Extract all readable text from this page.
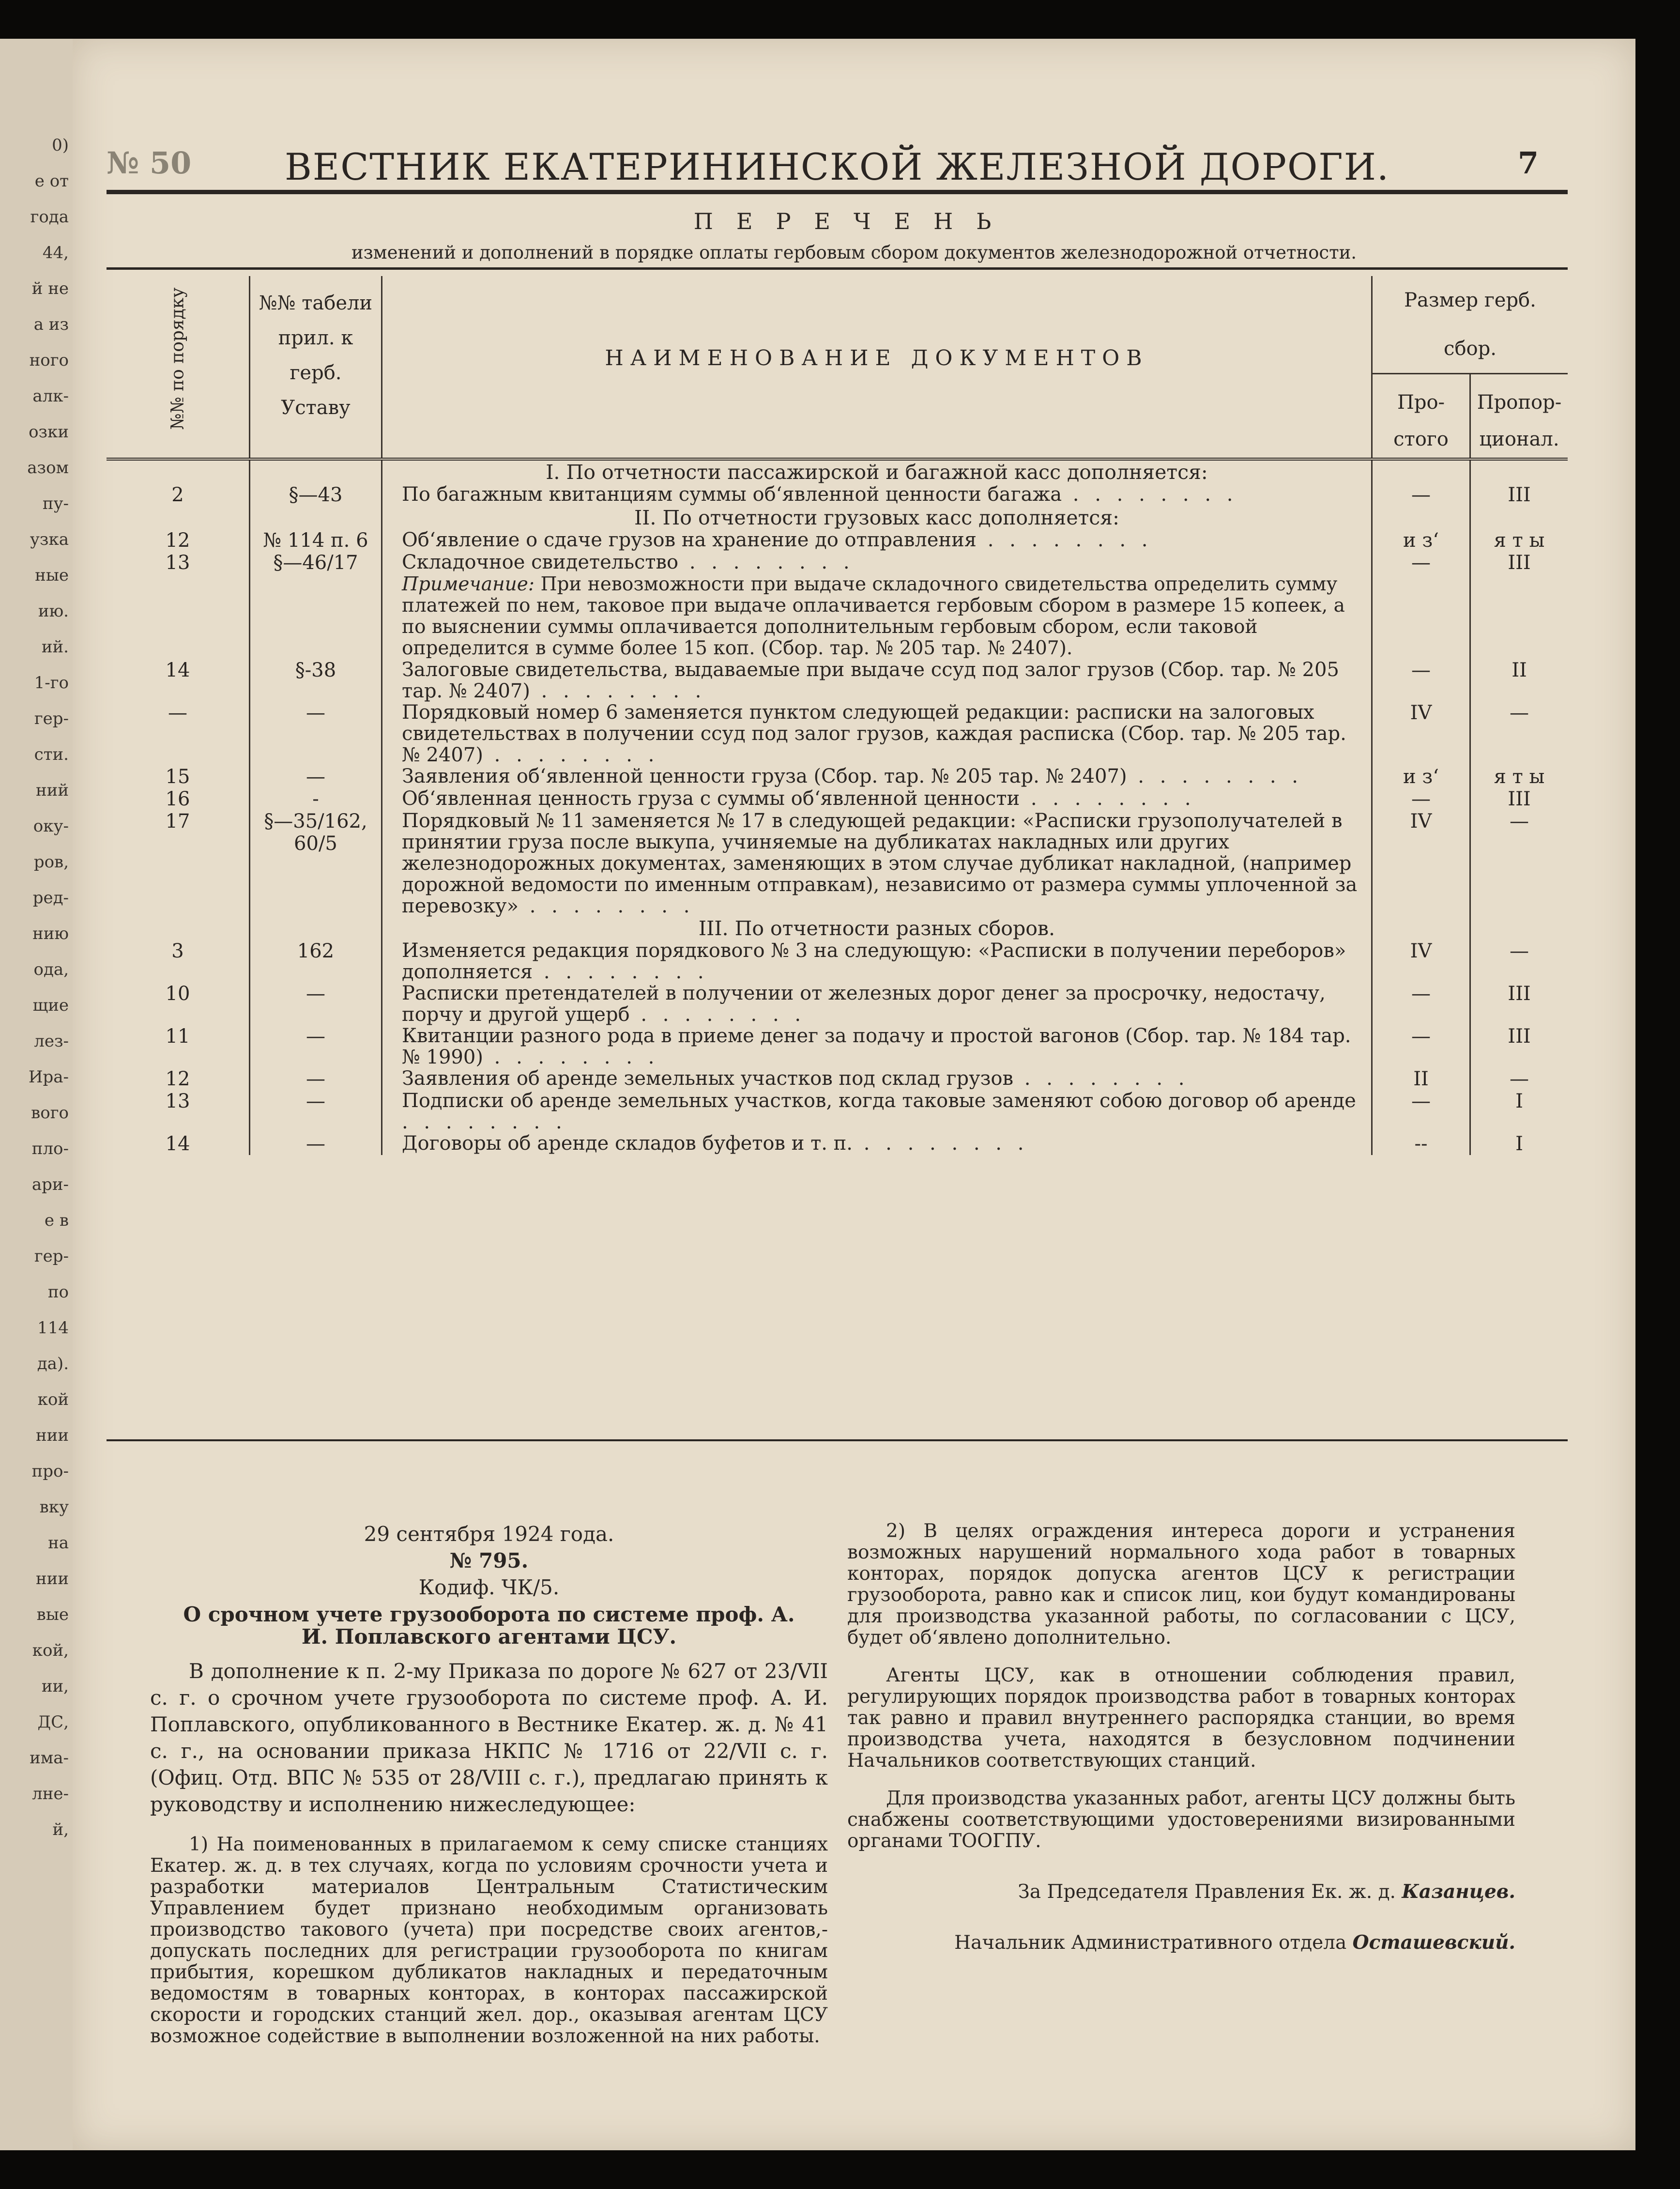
0)
е от
года
44,
й не
а из
ного
алк-
озки
азом
пу-
узка
ные
ию.
ий.
1-го
гер-
сти.
ний
оку-
ров,
ред-
нию
ода,
щие
лез-
Ира-
вого
пло-
ари-
е в
гер-
по
114
да).
кой
нии
про-
вку
на
нии
вые
кой,
ии,
ДС,
има-
лне-
й,
№ 50	ВЕСТНИК ЕКАТЕРИНИНСКОЙ ЖЕЛЕЗНОЙ ДОРОГИ.	7
ПЕРЕЧЕНЬ
изменений и дополнений в порядке оплаты гербовым сбором документов железнодорожной отчетности.
№№ по порядку	№№ табели прил. к герб. Уставу	НАИМЕНОВАНИЕ ДОКУМЕНТОВ	Размер герб. сбор.	
			Про- стого	Пропор- ционал.
		I. По отчетности пассажирской и багажной касс дополняется:		
2	§—43	По багажным квитанциям суммы об‘явленной ценности багажа . . . . . . . .	—	III
		II. По отчетности грузовых касс дополняется:		
12	№ 114 п. 6	Об‘явление о сдаче грузов на хранение до отправления . . . . . . . .	и з‘	я т ы
13	§—46/17	Складочное свидетельство . . . . . . . .	—	III
		Примечание: При невозможности при выдаче складочного свидетельства определить сумму платежей по нем, таковое при выдаче оплачивается гербовым сбором в размере 15 копеек, а по выяснении суммы оплачивается дополнительным гербовым сбором, если таковой определится в сумме более 15 коп. (Сбор. тар. № 205 тар. № 2407).		
14	§-38	Залоговые свидетельства, выдаваемые при выдаче ссуд под залог грузов (Сбор. тар. № 205 тар. № 2407) . . . . . . . .	—	II
—	—	Порядковый номер 6 заменяется пунктом следующей редакции: расписки на залоговых свидетельствах в получении ссуд под залог грузов, каждая расписка (Сбор. тар. № 205 тар. № 2407) . . . . . . . .	IV	—
15	—	Заявления об‘явленной ценности груза (Сбор. тар. № 205 тар. № 2407) . . . . . . . .	и з‘	я т ы
16	-	Об‘явленная ценность груза с суммы об‘явленной ценности . . . . . . . .	—	III
17	§—35/162, 60/5	Порядковый № 11 заменяется № 17 в следующей редакции: «Расписки грузополучателей в принятии груза после выкупа, учиняемые на дубликатах накладных или других железнодорожных документах, заменяющих в этом случае дубликат накладной, (например дорожной ведомости по именным отправкам), независимо от размера суммы уплоченной за перевозку» . . . . . . . .	IV	—
		III. По отчетности разных сборов.		
3	162	Изменяется редакция порядкового № 3 на следующую: «Расписки в получении переборов» дополняется . . . . . . . .	IV	—
10	—	Расписки претендателей в получении от железных дорог денег за просрочку, недостачу, порчу и другой ущерб . . . . . . . .	—	III
11	—	Квитанции разного рода в приеме денег за подачу и простой вагонов (Сбор. тар. № 184 тар. № 1990) . . . . . . . .	—	III
12	—	Заявления об аренде земельных участков под склад грузов . . . . . . . .	II	—
13	—	Подписки об аренде земельных участков, когда таковые заменяют собою договор об аренде . . . . . . . .	—	I
14	—	Договоры об аренде складов буфетов и т. п. . . . . . . . .	--	I
29 сентября 1924 года.
№ 795.
Кодиф. ЧК/5.
О срочном учете грузооборота по системе проф. А. И. Поплавского агентами ЦСУ.

В дополнение к п. 2-му Приказа по дороге № 627 от 23/VII с. г. о срочном учете грузооборота по системе проф. А. И. Поплавского, опубликованного в Вестнике Екатер. ж. д. № 41 с. г., на основании приказа НКПС № 1716 от 22/VII с. г. (Офиц. Отд. ВПС № 535 от 28/VIII с. г.), предлагаю принять к руководству и исполнению нижеследующее:

1) На поименованных в прилагаемом к сему списке станциях Екатер. ж. д. в тех случаях, когда по условиям срочности учета и разработки материалов Центральным Статистическим Управлением будет признано необходимым организовать производство такового (учета) при посредстве своих агентов,-допускать последних для регистрации грузооборота по книгам прибытия, корешком дубликатов накладных и передаточным ведомостям в товарных конторах, в конторах пассажирской скорости и городских станций жел. дор., оказывая агентам ЦСУ возможное содействие в выполнении возложенной на них работы.

2) В целях ограждения интереса дороги и устранения возможных нарушений нормального хода работ в товарных конторах, порядок допуска агентов ЦСУ к регистрации грузооборота, равно как и список лиц, кои будут командированы для производства указанной работы, по согласовании с ЦСУ, будет об‘явлено дополнительно.

Агенты ЦСУ, как в отношении соблюдения правил, регулирующих порядок производства работ в товарных конторах так равно и правил внутреннего распорядка станции, во время производства учета, находятся в безусловном подчинении Начальников соответствующих станций.

Для производства указанных работ, агенты ЦСУ должны быть снабжены соответствующими удостоверениями визированными органами ТООГПУ.

За Председателя Правления Ек. ж. д. Казанцев.
Начальник Административного отдела Осташевский.
